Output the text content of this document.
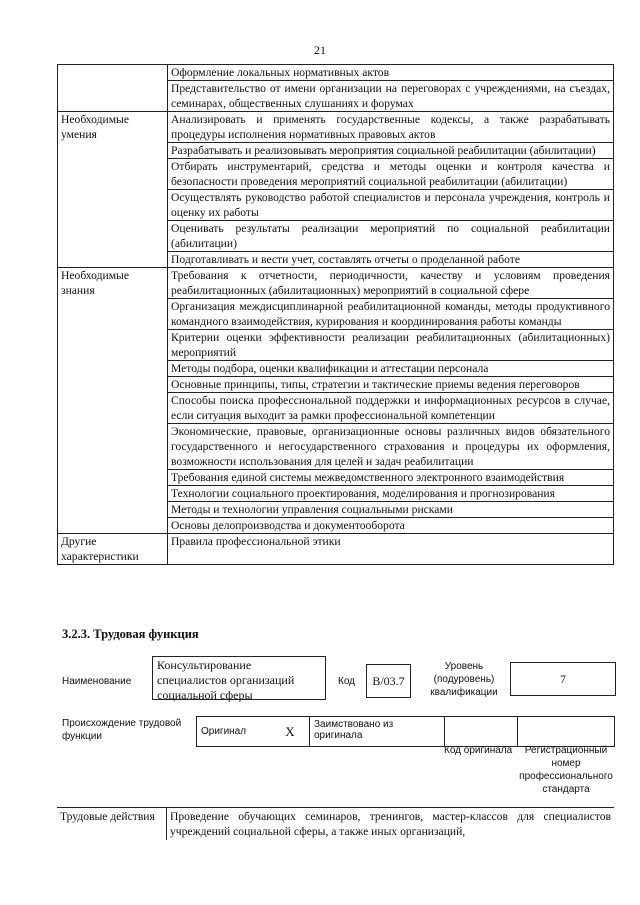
21
	Оформление локальных нормативных актов
	Представительство от имени организации на переговорах с учреждениями, на съездах, семинарах, общественных слушаниях и форумах
Необходимые умения	Анализировать и применять государственные кодексы, а также разрабатывать процедуры исполнения нормативных правовых актов
	Разрабатывать и реализовывать мероприятия социальной реабилитации (абилитации)
	Отбирать инструментарий, средства и методы оценки и контроля качества и безопасности проведения мероприятий социальной реабилитации (абилитации)
	Осуществлять руководство работой специалистов и персонала учреждения, контроль и оценку их работы
	Оценивать результаты реализации мероприятий по социальной реабилитации (абилитации)
	Подготавливать и вести учет, составлять отчеты о проделанной работе
Необходимые знания	Требования к отчетности, периодичности, качеству и условиям проведения реабилитационных (абилитационных) мероприятий в социальной сфере
	Организация междисциплинарной реабилитационной команды, методы продуктивного командного взаимодействия, курирования и координирования работы команды
	Критерии оценки эффективности реализации реабилитационных (абилитационных) мероприятий
	Методы подбора, оценки квалификации и аттестации персонала
	Основные принципы, типы, стратегии и тактические приемы ведения переговоров
	Способы поиска профессиональной поддержки и информационных ресурсов в случае, если ситуация выходит за рамки профессиональной компетенции
	Экономические, правовые, организационные основы различных видов обязательного государственного и негосударственного страхования и процедуры их оформления, возможности использования для целей и задач реабилитации
	Требования единой системы межведомственного электронного взаимодействия
	Технологии социального проектирования, моделирования и прогнозирования
	Методы и технологии управления социальными рисками
	Основы делопроизводства и документооборота
Другие характеристики	Правила профессиональной этики
3.2.3. Трудовая функция
Наименование
Консультирование специалистов организаций социальной сферы
Код	B/03.7
Уровень (подуровень) квалификации
7
Происхождение трудовой функции	Оригинал	X	Заимствовано из оригинала		
Код оригинала	Регистрационный номер профессионального стандарта
Трудовые действия	Проведение обучающих семинаров, тренингов, мастер-классов для специалистов учреждений социальной сферы, а также иных организаций,
